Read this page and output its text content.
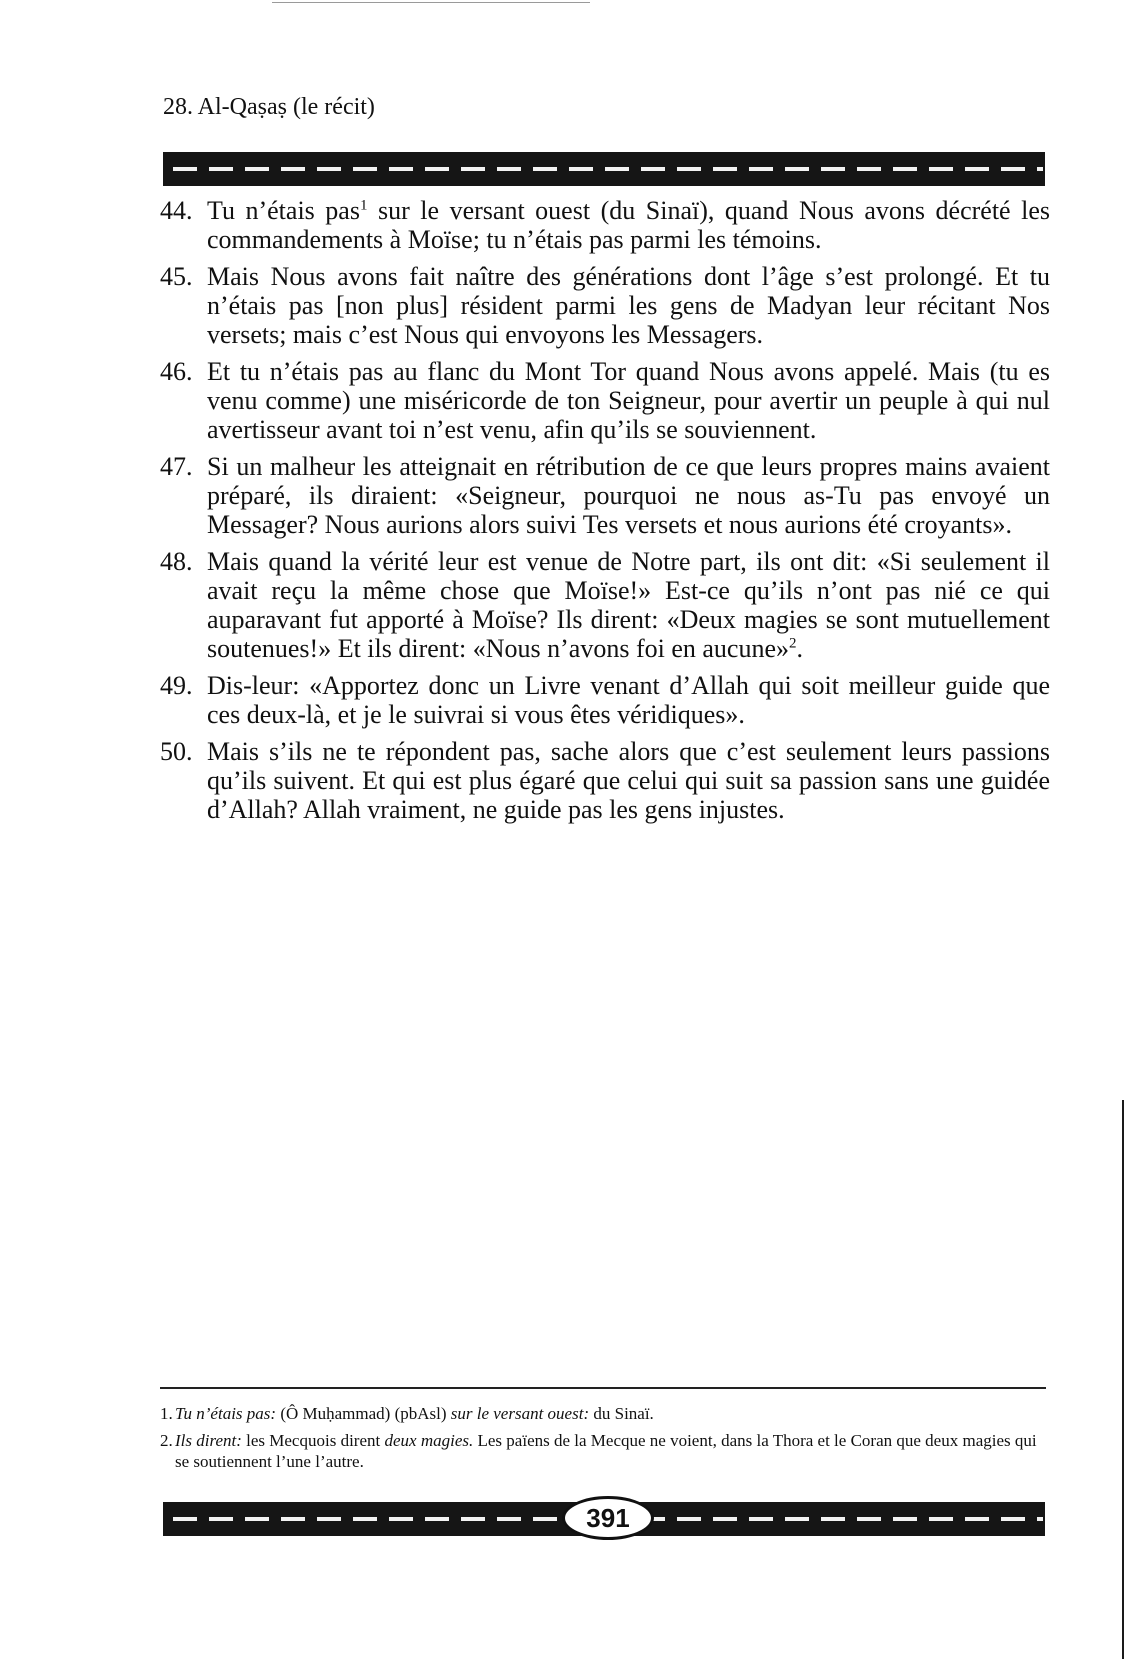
28. Al-Qaṣaṣ (le récit)
44. Tu n’étais pas$^1$ sur le versant ouest (du Sinaï), quand Nous avons décrété les commandements à Moïse; tu n’étais pas parmi les témoins.
45. Mais Nous avons fait naître des générations dont l’âge s’est prolongé. Et tu n’étais pas [non plus] résident parmi les gens de Madyan leur récitant Nos versets; mais c’est Nous qui envoyons les Messagers.
46. Et tu n’étais pas au flanc du Mont Tor quand Nous avons appelé. Mais (tu es venu comme) une miséricorde de ton Seigneur, pour avertir un peuple à qui nul avertisseur avant toi n’est venu, afin qu’ils se souviennent.
47. Si un malheur les atteignait en rétribution de ce que leurs propres mains avaient préparé, ils diraient: «Seigneur, pourquoi ne nous as-Tu pas envoyé un Messager? Nous aurions alors suivi Tes versets et nous aurions été croyants».
48. Mais quand la vérité leur est venue de Notre part, ils ont dit: «Si seulement il avait reçu la même chose que Moïse!» Est-ce qu’ils n’ont pas nié ce qui auparavant fut apporté à Moïse? Ils dirent: «Deux magies se sont mutuellement soutenues!» Et ils dirent: «Nous n’avons foi en aucune»$^2$.
49. Dis-leur: «Apportez donc un Livre venant d’Allah qui soit meilleur guide que ces deux-là, et je le suivrai si vous êtes véridiques».
50. Mais s’ils ne te répondent pas, sache alors que c’est seulement leurs passions qu’ils suivent. Et qui est plus égaré que celui qui suit sa passion sans une guidée d’Allah? Allah vraiment, ne guide pas les gens injustes.
1. Tu n’étais pas: (Ô Muḥammad) (pbAsl) sur le versant ouest: du Sinaï.
2. Ils dirent: les Mecquois dirent deux magies. Les païens de la Mecque ne voient, dans la Thora et le Coran que deux magies qui se soutiennent l’une l’autre.
391
